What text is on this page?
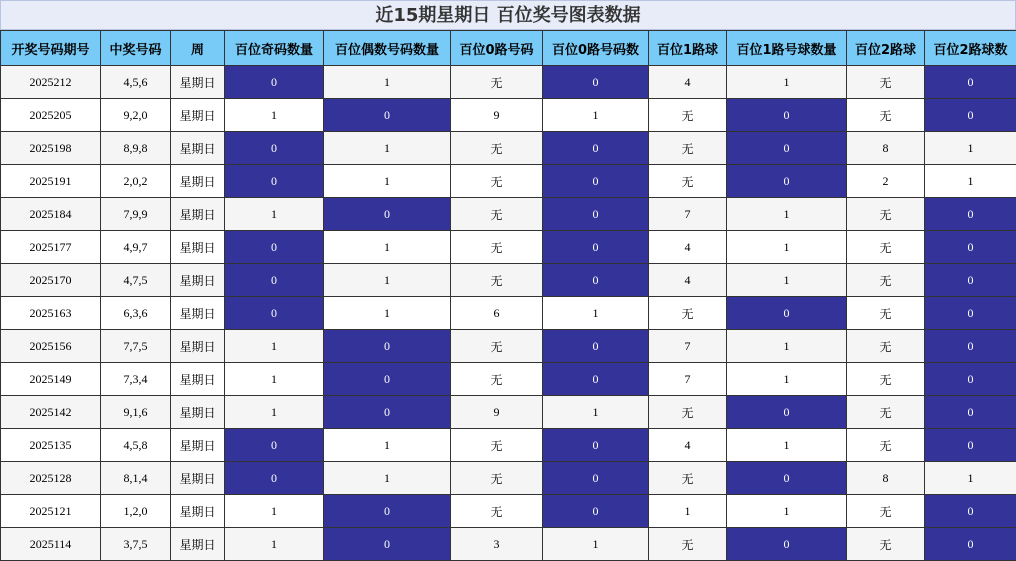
近15期星期日 百位奖号图表数据
开奖号码期号	中奖号码	周	百位奇码数量	百位偶数号码数量	百位0路号码	百位0路号码数	百位1路球	百位1路号球数量	百位2路球	百位2路球数
2025212	4,5,6	星期日	0	1	无	0	4	1	无	0
2025205	9,2,0	星期日	1	0	9	1	无	0	无	0
2025198	8,9,8	星期日	0	1	无	0	无	0	8	1
2025191	2,0,2	星期日	0	1	无	0	无	0	2	1
2025184	7,9,9	星期日	1	0	无	0	7	1	无	0
2025177	4,9,7	星期日	0	1	无	0	4	1	无	0
2025170	4,7,5	星期日	0	1	无	0	4	1	无	0
2025163	6,3,6	星期日	0	1	6	1	无	0	无	0
2025156	7,7,5	星期日	1	0	无	0	7	1	无	0
2025149	7,3,4	星期日	1	0	无	0	7	1	无	0
2025142	9,1,6	星期日	1	0	9	1	无	0	无	0
2025135	4,5,8	星期日	0	1	无	0	4	1	无	0
2025128	8,1,4	星期日	0	1	无	0	无	0	8	1
2025121	1,2,0	星期日	1	0	无	0	1	1	无	0
2025114	3,7,5	星期日	1	0	3	1	无	0	无	0
